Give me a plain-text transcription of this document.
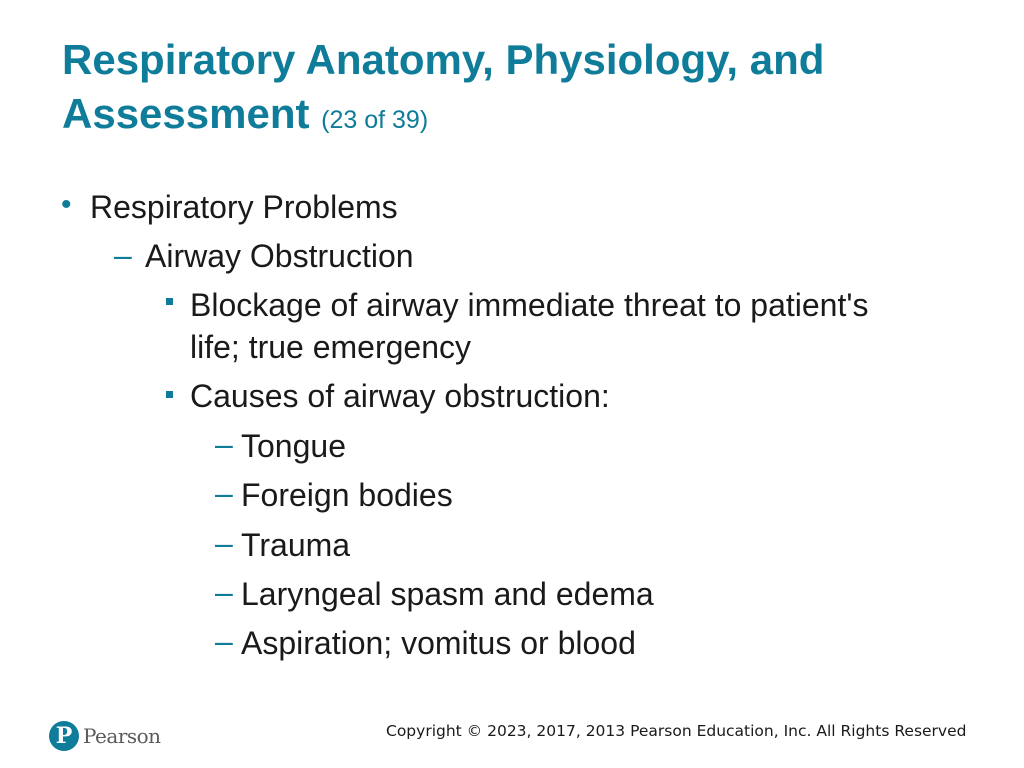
Respiratory Anatomy, Physiology, and Assessment (23 of 39)
• Respiratory Problems
– Airway Obstruction
Blockage of airway immediate threat to patient's
life; true emergency
Causes of airway obstruction:
– Tongue
– Foreign bodies
– Trauma
– Laryngeal spasm and edema
– Aspiration; vomitus or blood
P Pearson	Copyright © 2023, 2017, 2013 Pearson Education, Inc. All Rights Reserved
